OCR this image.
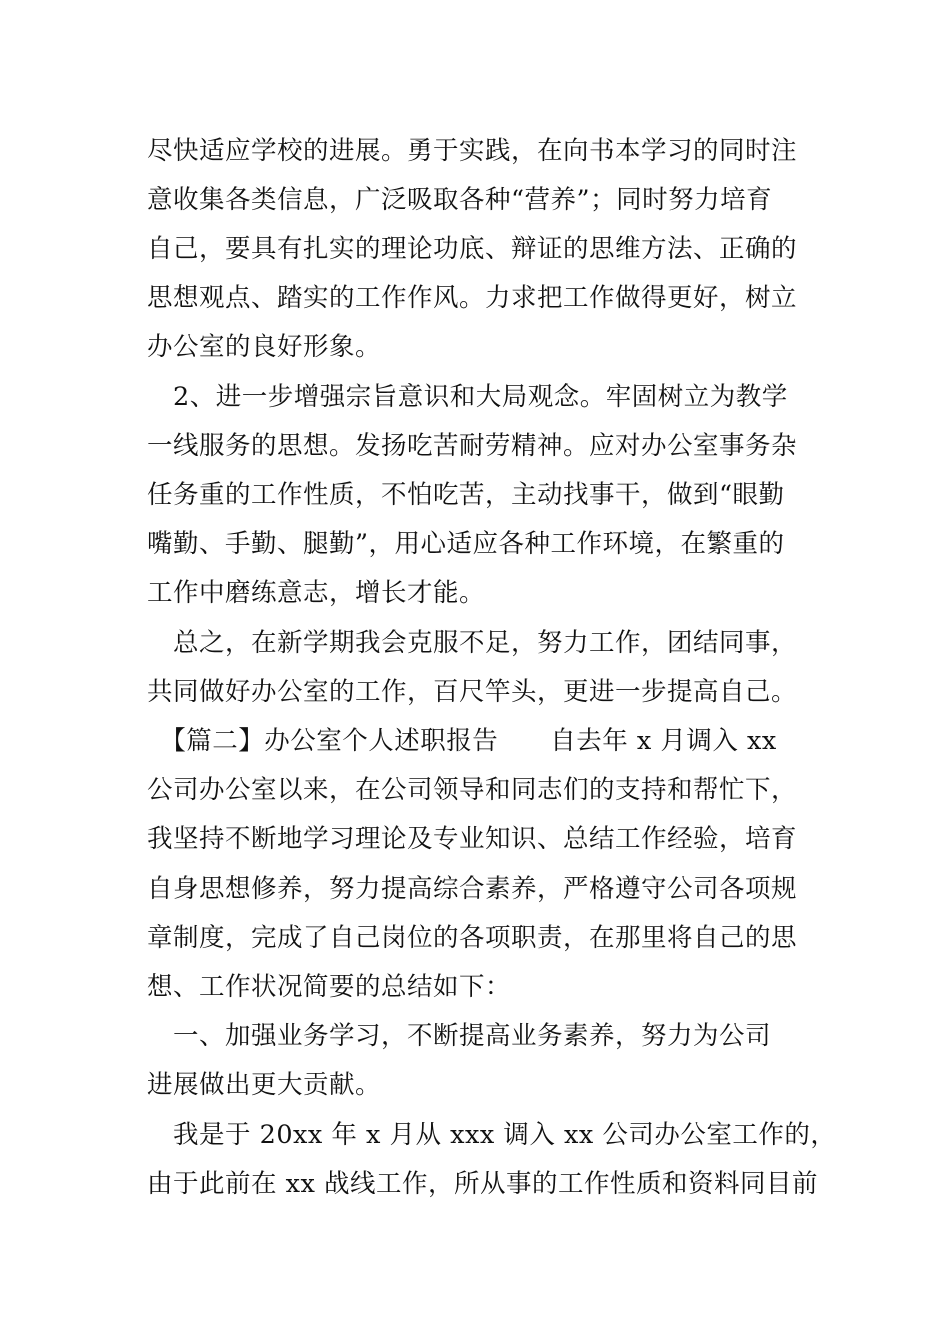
尽快适应学校的进展。勇于实践，在向书本学习的同时注
意收集各类信息，广泛吸取各种“营养”；同时努力培育
自己，要具有扎实的理论功底、辩证的思维方法、正确的
思想观点、踏实的工作作风。力求把工作做得更好，树立
办公室的良好形象。
　2、进一步增强宗旨意识和大局观念。牢固树立为教学
一线服务的思想。发扬吃苦耐劳精神。应对办公室事务杂
任务重的工作性质，不怕吃苦，主动找事干，做到“眼勤
嘴勤、手勤、腿勤”，用心适应各种工作环境，在繁重的
工作中磨练意志，增长才能。
　总之，在新学期我会克服不足，努力工作，团结同事，
共同做好办公室的工作，百尺竿头，更进一步提高自己。
　【篇二】办公室个人述职报告　　自去年 x 月调入 xx
公司办公室以来，在公司领导和同志们的支持和帮忙下，
我坚持不断地学习理论及专业知识、总结工作经验，培育
自身思想修养，努力提高综合素养，严格遵守公司各项规
章制度，完成了自己岗位的各项职责，在那里将自己的思
想、工作状况简要的总结如下：
　一、加强业务学习，不断提高业务素养，努力为公司
进展做出更大贡献。
　我是于 20xx 年 x 月从 xxx 调入 xx 公司办公室工作的，
由于此前在 xx 战线工作，所从事的工作性质和资料同目前
